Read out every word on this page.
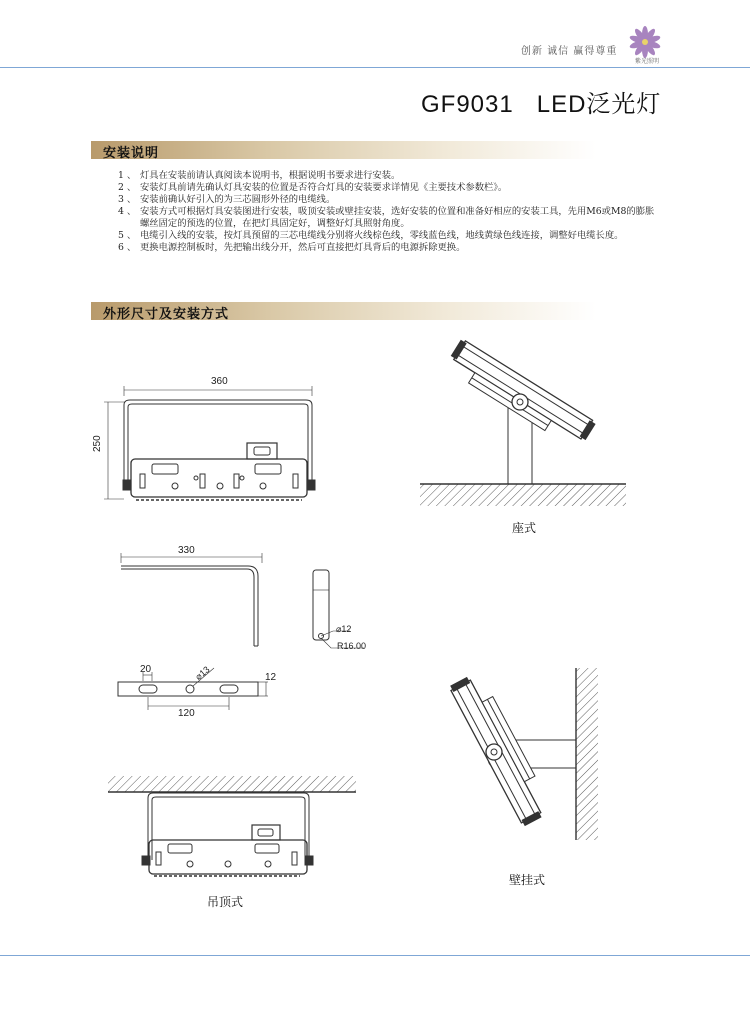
创新 诚信 赢得尊重
紫光照明
GF9031   LED泛光灯
安装说明
外形尺寸及安装方式
1 、 灯具在安装前请认真阅读本说明书，根据说明书要求进行安装。
2 、 安装灯具前请先确认灯具安装的位置是否符合灯具的安装要求详情见《主要技术参数栏》。
3 、 安装前确认好引入的为三芯圆形外径的电缆线。
4 、 安装方式可根据灯具安装图进行安装，吸顶安装或壁挂安装，选好安装的位置和准备好相应的安装工具，先用M6或M8的膨胀螺丝固定的预选的位置，在把灯具固定好，调整好灯具照射角度。
5 、 电缆引入线的安装，按灯具预留的三芯电缆线分别将火线棕色线，零线蓝色线，地线黄绿色线连接，调整好电缆长度。
6 、 更换电源控制板时，先把输出线分开，然后可直接把灯具背后的电源拆除更换。
360
250
330
⌀12
R16.00
20	⌀13	12
120
座式
壁挂式
吊顶式
